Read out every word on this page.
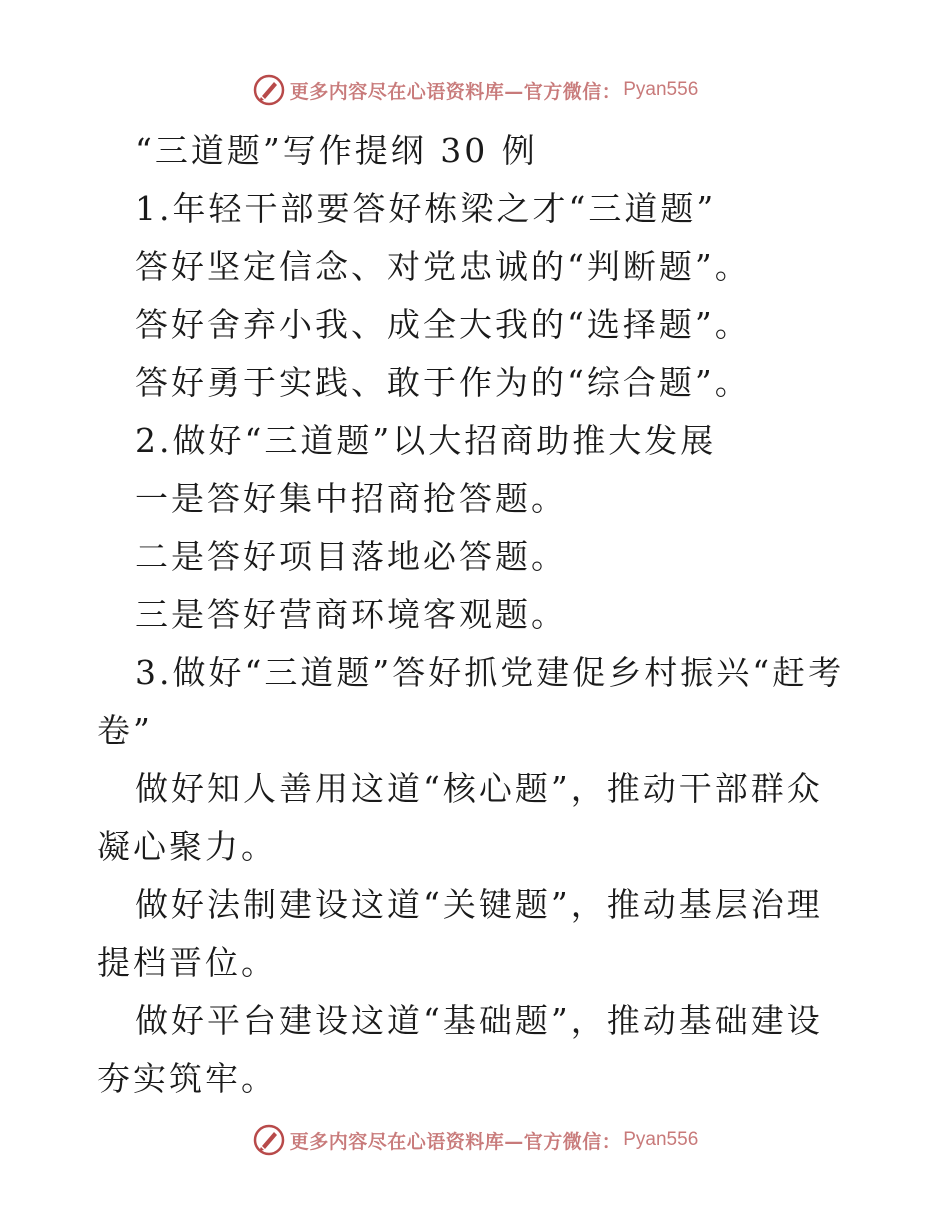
更多内容尽在心语资料库—官方微信： Pyan556
“三道题”写作提纲 30 例
1.年轻干部要答好栋梁之才“三道题”
答好坚定信念、对党忠诚的“判断题”。
答好舍弃小我、成全大我的“选择题”。
答好勇于实践、敢于作为的“综合题”。
2.做好“三道题”以大招商助推大发展
一是答好集中招商抢答题。
二是答好项目落地必答题。
三是答好营商环境客观题。
3.做好“三道题”答好抓党建促乡村振兴“赶考卷”
做好知人善用这道“核心题”，推动干部群众凝心聚力。
做好法制建设这道“关键题”，推动基层治理提档晋位。
做好平台建设这道“基础题”，推动基础建设夯实筑牢。
更多内容尽在心语资料库—官方微信： Pyan556
